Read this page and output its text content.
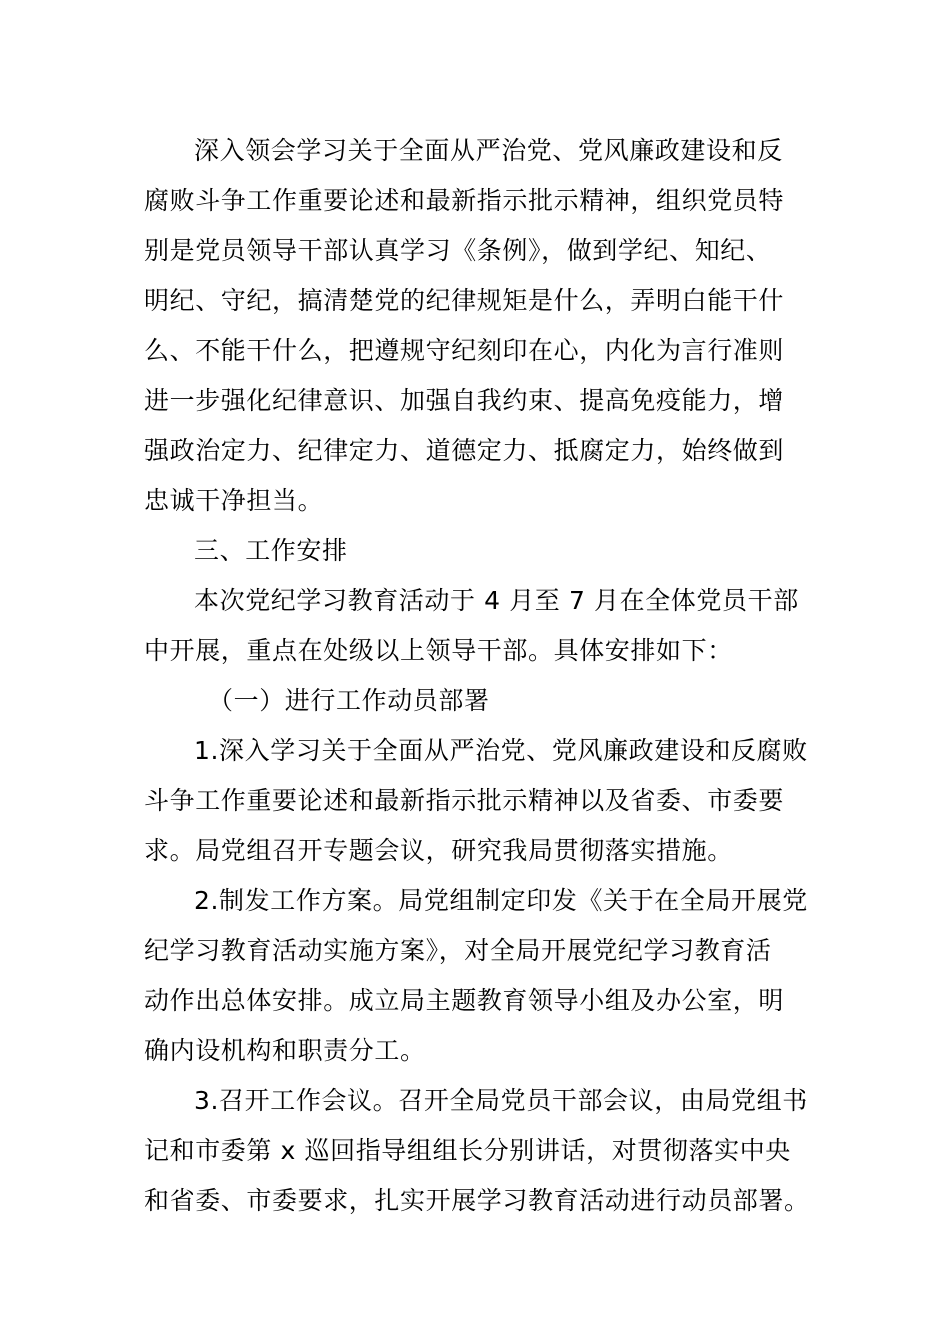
深入领会学习关于全面从严治党、党风廉政建设和反
腐败斗争工作重要论述和最新指示批示精神，组织党员特
别是党员领导干部认真学习《条例》，做到学纪、知纪、
明纪、守纪，搞清楚党的纪律规矩是什么，弄明白能干什
么、不能干什么，把遵规守纪刻印在心，内化为言行准则
进一步强化纪律意识、加强自我约束、提高免疫能力，增
强政治定力、纪律定力、道德定力、抵腐定力，始终做到
忠诚干净担当。
三、工作安排
本次党纪学习教育活动于 4 月至 7 月在全体党员干部
中开展，重点在处级以上领导干部。具体安排如下：
（一）进行工作动员部署
1.深入学习关于全面从严治党、党风廉政建设和反腐败
斗争工作重要论述和最新指示批示精神以及省委、市委要
求。局党组召开专题会议，研究我局贯彻落实措施。
2.制发工作方案。局党组制定印发《关于在全局开展党
纪学习教育活动实施方案》，对全局开展党纪学习教育活
动作出总体安排。成立局主题教育领导小组及办公室，明
确内设机构和职责分工。
3.召开工作会议。召开全局党员干部会议，由局党组书
记和市委第 x 巡回指导组组长分别讲话，对贯彻落实中央
和省委、市委要求，扎实开展学习教育活动进行动员部署。
